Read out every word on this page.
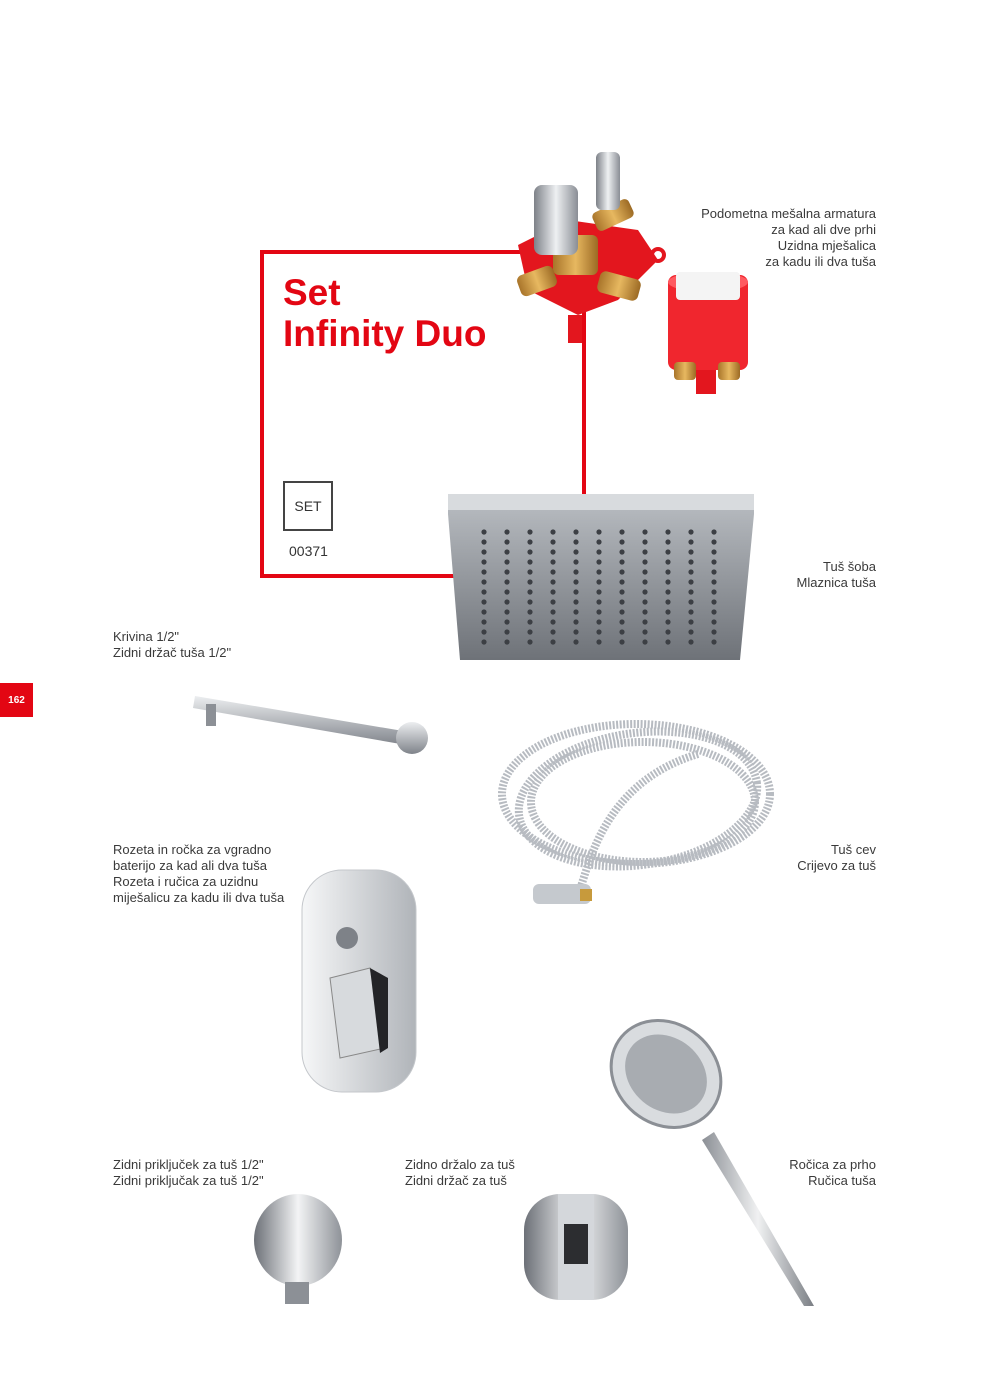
Set
Infinity Duo
SET
00371
162
Podometna mešalna armatura
za kad ali dve prhi
Uzidna mješalica
za kadu ili dva tuša
Tuš šoba
Mlaznica tuša
Krivina 1/2"
Zidni držač tuša 1/2"
Rozeta in ročka za vgradno
baterijo za kad ali dva tuša
Rozeta i ručica za uzidnu
miješalicu za kadu ili dva tuša
Tuš cev
Crijevo za tuš
Zidni priključek za tuš 1/2"
Zidni priključak za tuš 1/2"
Zidno držalo za tuš
Zidni držač za tuš
Ročica za prho
Ručica tuša
